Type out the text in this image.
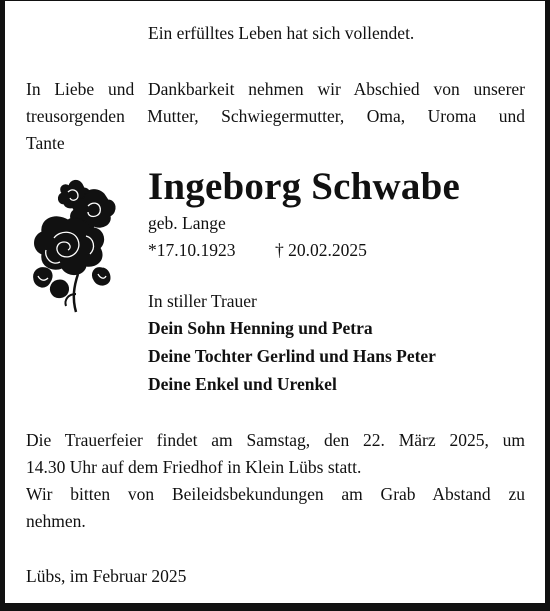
Ein erfülltes Leben hat sich vollendet.
In Liebe und Dankbarkeit nehmen wir Abschied von unserer
treusorgenden Mutter, Schwiegermutter, Oma, Uroma und
Tante
Ingeborg Schwabe
geb. Lange
*17.10.1923 † 20.02.2025
In stiller Trauer
Dein Sohn Henning und Petra
Deine Tochter Gerlind und Hans Peter
Deine Enkel und Urenkel
Die Trauerfeier findet am Samstag, den 22. März 2025, um
14.30 Uhr auf dem Friedhof in Klein Lübs statt.
Wir bitten von Beileidsbekundungen am Grab Abstand zu
nehmen.
Lübs, im Februar 2025
